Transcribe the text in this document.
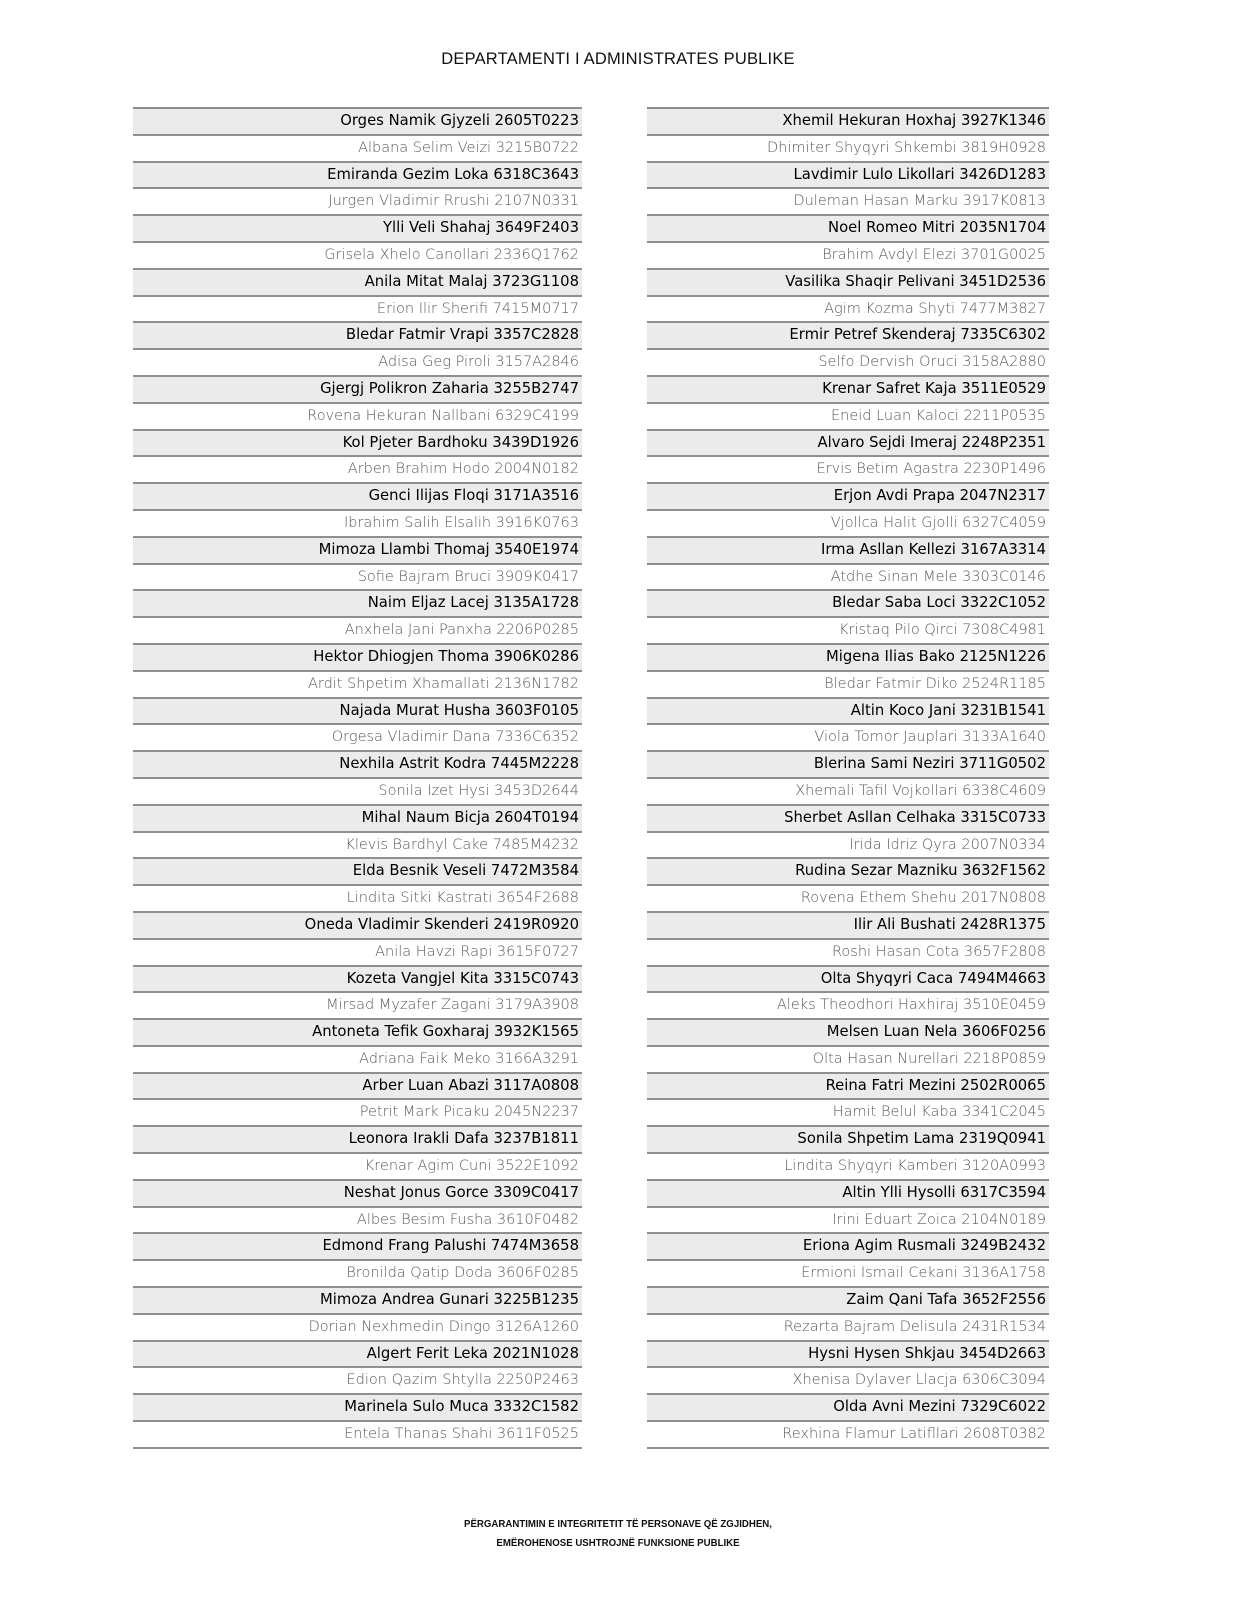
DEPARTAMENTI I ADMINISTRATES PUBLIKE
Orges Namik Gjyzeli 2605T0223
Albana Selim Veizi 3215B0722
Emiranda Gezim Loka 6318C3643
Jurgen Vladimir Rrushi 2107N0331
Ylli Veli Shahaj 3649F2403
Grisela Xhelo Canollari 2336Q1762
Anila Mitat Malaj 3723G1108
Erion Ilir Sherifi 7415M0717
Bledar Fatmir Vrapi 3357C2828
Adisa Geg Piroli 3157A2846
Gjergj Polikron Zaharia 3255B2747
Rovena Hekuran Nallbani 6329C4199
Kol Pjeter Bardhoku 3439D1926
Arben Brahim Hodo 2004N0182
Genci Ilijas Floqi 3171A3516
Ibrahim Salih Elsalih 3916K0763
Mimoza Llambi Thomaj 3540E1974
Sofie Bajram Bruci 3909K0417
Naim Eljaz Lacej 3135A1728
Anxhela Jani Panxha 2206P0285
Hektor Dhiogjen Thoma 3906K0286
Ardit Shpetim Xhamallati 2136N1782
Najada Murat Husha 3603F0105
Orgesa Vladimir Dana 7336C6352
Nexhila Astrit Kodra 7445M2228
Sonila Izet Hysi 3453D2644
Mihal Naum Bicja 2604T0194
Klevis Bardhyl Cake 7485M4232
Elda Besnik Veseli 7472M3584
Lindita Sitki Kastrati 3654F2688
Oneda Vladimir Skenderi 2419R0920
Anila Havzi Rapi 3615F0727
Kozeta Vangjel Kita 3315C0743
Mirsad Myzafer Zagani 3179A3908
Antoneta Tefik Goxharaj 3932K1565
Adriana Faik Meko 3166A3291
Arber Luan Abazi 3117A0808
Petrit Mark Picaku 2045N2237
Leonora Irakli Dafa 3237B1811
Krenar Agim Cuni 3522E1092
Neshat Jonus Gorce 3309C0417
Albes Besim Fusha 3610F0482
Edmond Frang Palushi 7474M3658
Bronilda Qatip Doda 3606F0285
Mimoza Andrea Gunari 3225B1235
Dorian Nexhmedin Dingo 3126A1260
Algert Ferit Leka 2021N1028
Edion Qazim Shtylla 2250P2463
Marinela Sulo Muca 3332C1582
Entela Thanas Shahi 3611F0525
Xhemil Hekuran Hoxhaj 3927K1346
Dhimiter Shyqyri Shkembi 3819H0928
Lavdimir Lulo Likollari 3426D1283
Duleman Hasan Marku 3917K0813
Noel Romeo Mitri 2035N1704
Brahim Avdyl Elezi 3701G0025
Vasilika Shaqir Pelivani 3451D2536
Agim Kozma Shyti 7477M3827
Ermir Petref Skenderaj 7335C6302
Selfo Dervish Oruci 3158A2880
Krenar Safret Kaja 3511E0529
Eneid Luan Kaloci 2211P0535
Alvaro Sejdi Imeraj 2248P2351
Ervis Betim Agastra 2230P1496
Erjon Avdi Prapa 2047N2317
Vjollca Halit Gjolli 6327C4059
Irma Asllan Kellezi 3167A3314
Atdhe Sinan Mele 3303C0146
Bledar Saba Loci 3322C1052
Kristaq Pilo Qirci 7308C4981
Migena Ilias Bako 2125N1226
Bledar Fatmir Diko 2524R1185
Altin Koco Jani 3231B1541
Viola Tomor Jauplari 3133A1640
Blerina Sami Neziri 3711G0502
Xhemali Tafil Vojkollari 6338C4609
Sherbet Asllan Celhaka 3315C0733
Irida Idriz Qyra 2007N0334
Rudina Sezar Mazniku 3632F1562
Rovena Ethem Shehu 2017N0808
Ilir Ali Bushati 2428R1375
Roshi Hasan Cota 3657F2808
Olta Shyqyri Caca 7494M4663
Aleks Theodhori Haxhiraj 3510E0459
Melsen Luan Nela 3606F0256
Olta Hasan Nurellari 2218P0859
Reina Fatri Mezini 2502R0065
Hamit Belul Kaba 3341C2045
Sonila Shpetim Lama 2319Q0941
Lindita Shyqyri Kamberi 3120A0993
Altin Ylli Hysolli 6317C3594
Irini Eduart Zoica 2104N0189
Eriona Agim Rusmali 3249B2432
Ermioni Ismail Cekani 3136A1758
Zaim Qani Tafa 3652F2556
Rezarta Bajram Delisula 2431R1534
Hysni Hysen Shkjau 3454D2663
Xhenisa Dylaver Llacja 6306C3094
Olda Avni Mezini 7329C6022
Rexhina Flamur Latifllari 2608T0382
PËRGARANTIMIN E INTEGRITETIT TË PERSONAVE QË ZGJIDHEN,
EMËROHENOSE USHTROJNË FUNKSIONE PUBLIKE
